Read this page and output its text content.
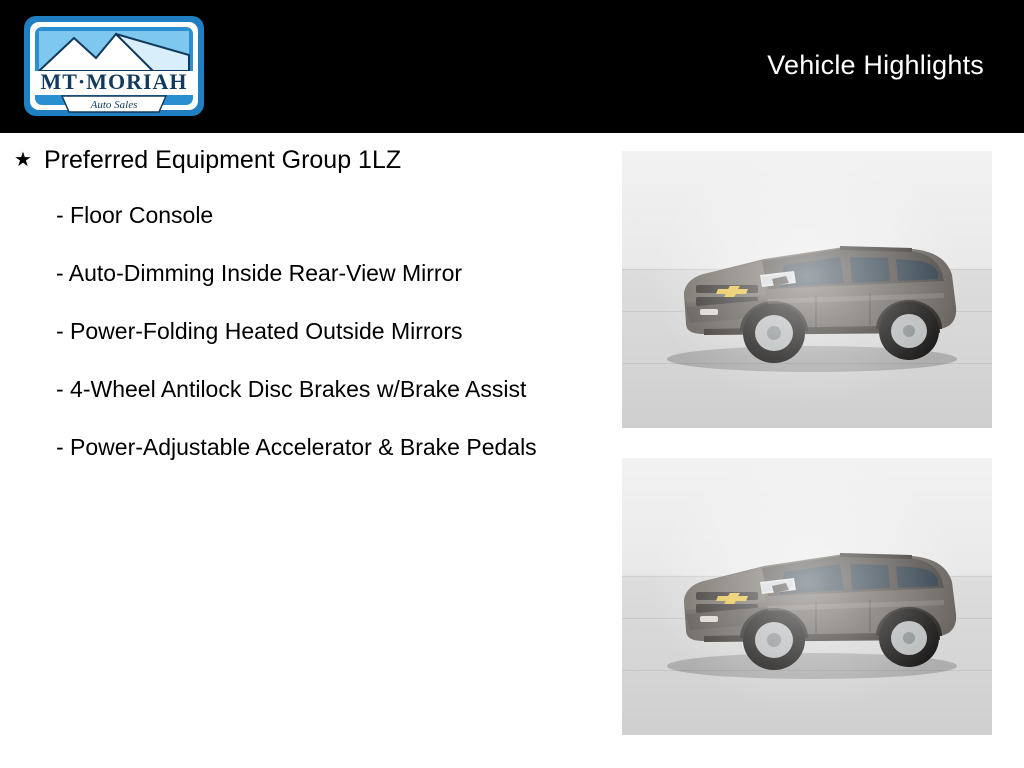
MT·MORIAH
Auto Sales
Vehicle Highlights
★ Preferred Equipment Group 1LZ
- Floor Console
- Auto-Dimming Inside Rear-View Mirror
- Power-Folding Heated Outside Mirrors
- 4-Wheel Antilock Disc Brakes w/Brake Assist
- Power-Adjustable Accelerator & Brake Pedals
